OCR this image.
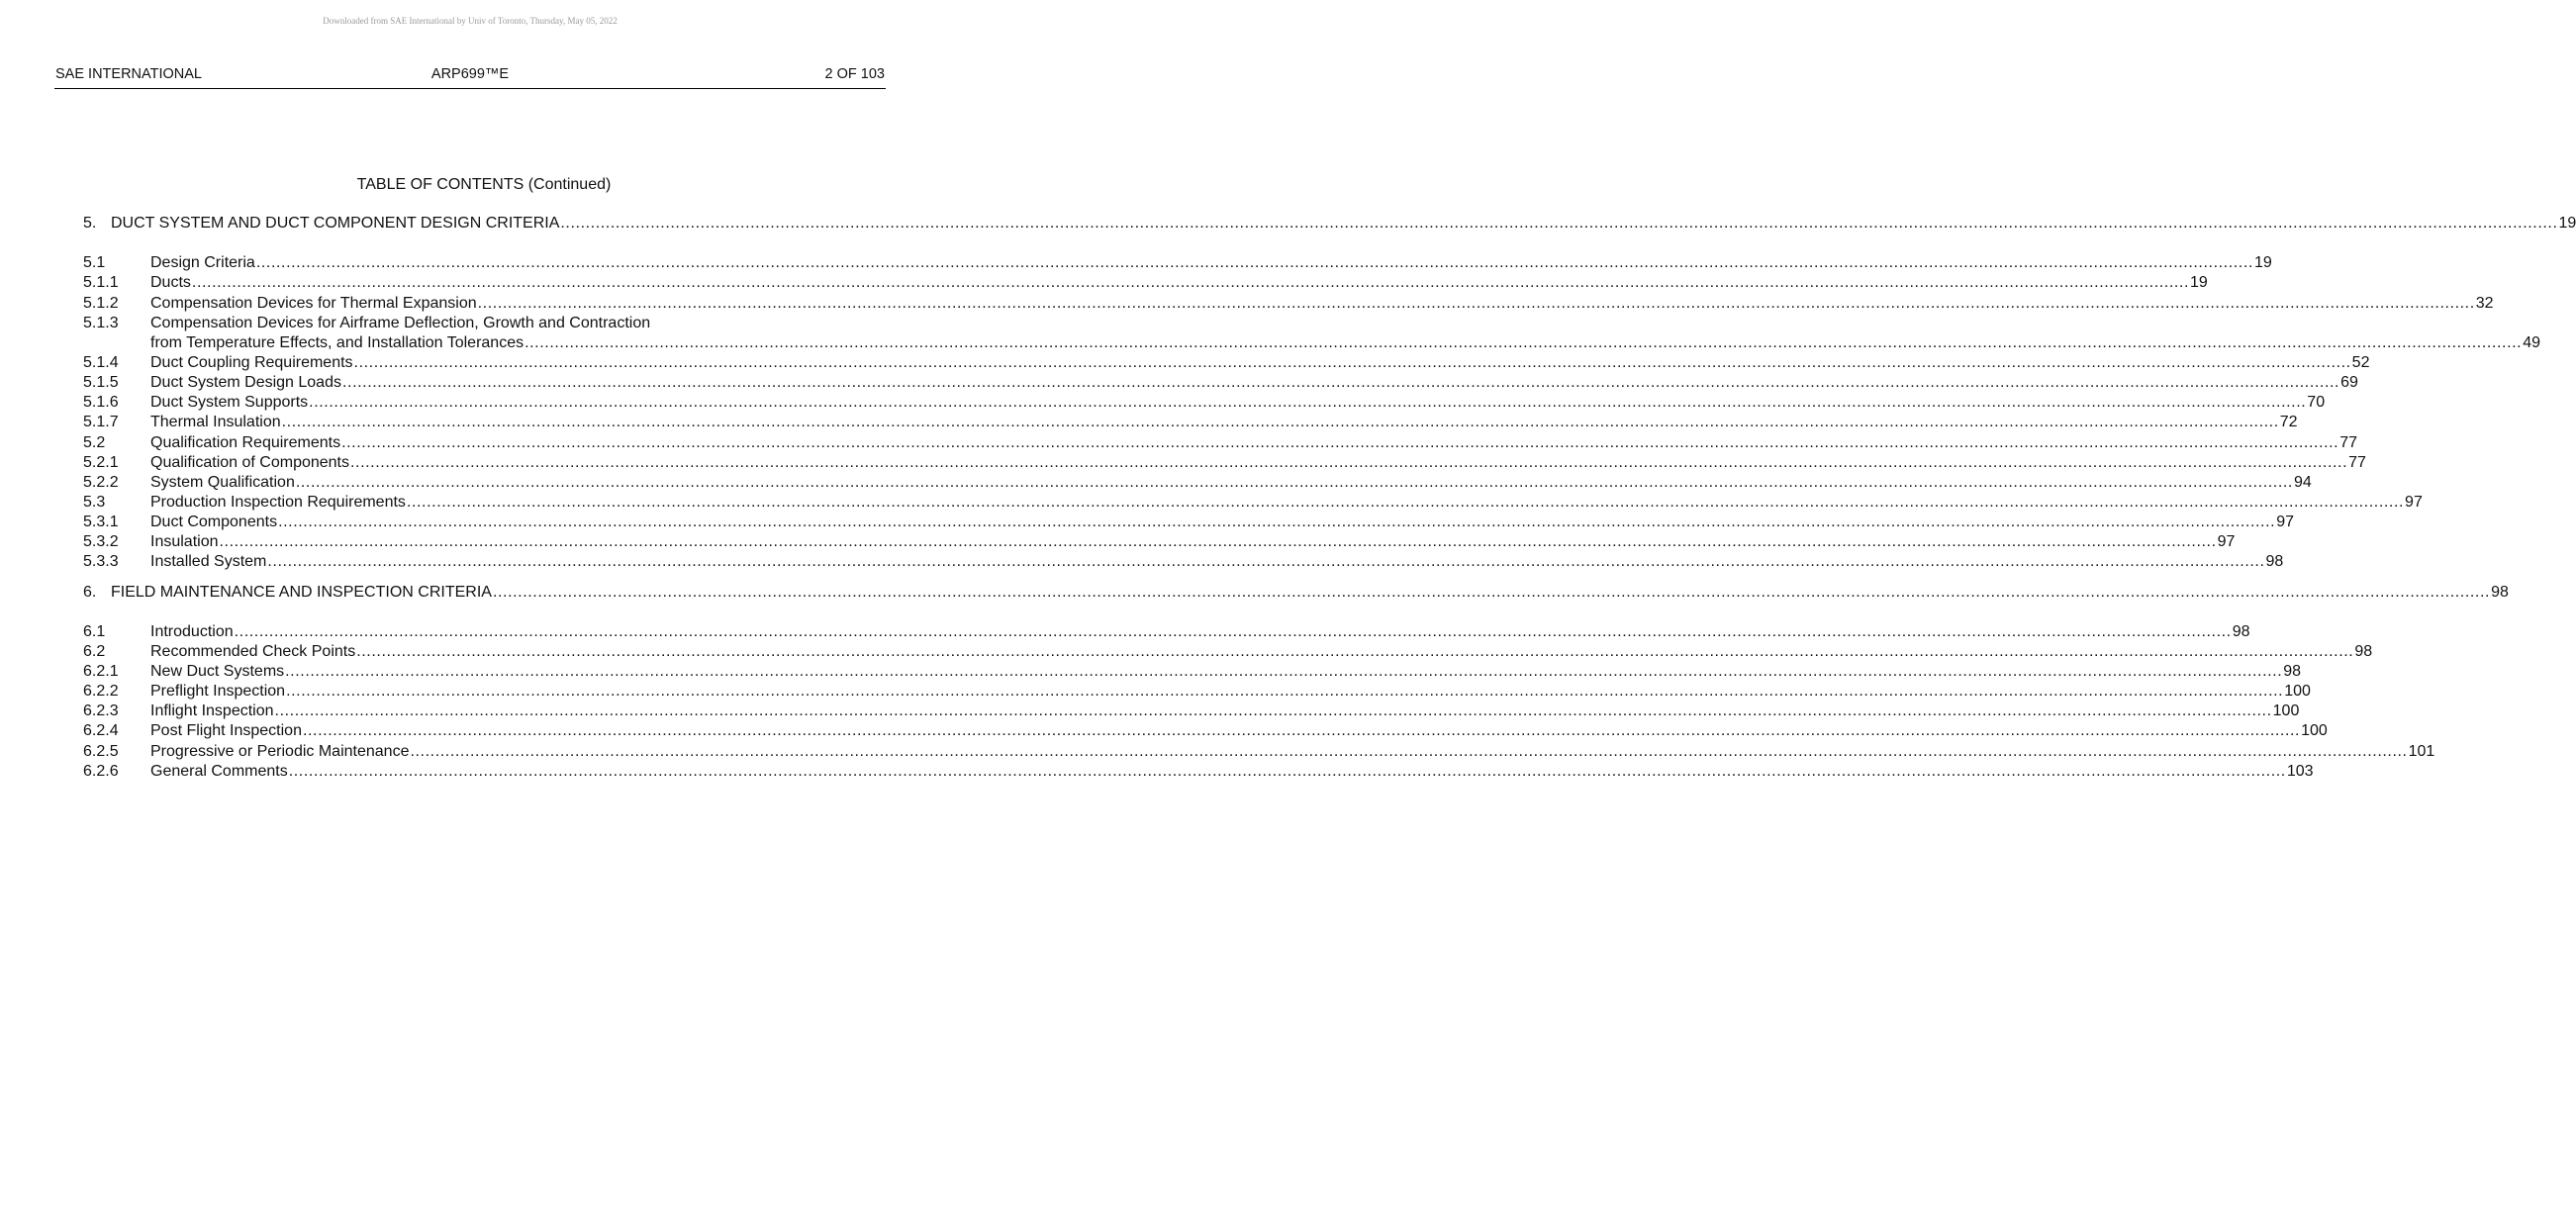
Downloaded from SAE International by Univ of Toronto, Thursday, May 05, 2022
SAE INTERNATIONAL	ARP699™E	2 OF 103
TABLE OF CONTENTS (Continued)
5. DUCT SYSTEM AND DUCT COMPONENT DESIGN CRITERIA ................................................................................................................................................................................................................................................................................................................................................................................................................ 19
5.1	Design Criteria ................................................................................................................................................................................................................................................................................................................................................................................................................ 19
5.1.1	Ducts ................................................................................................................................................................................................................................................................................................................................................................................................................ 19
5.1.2	Compensation Devices for Thermal Expansion ................................................................................................................................................................................................................................................................................................................................................................................................................ 32
5.1.3	Compensation Devices for Airframe Deflection, Growth and Contraction
from Temperature Effects, and Installation Tolerances ................................................................................................................................................................................................................................................................................................................................................................................................................ 49
5.1.4	Duct Coupling Requirements ................................................................................................................................................................................................................................................................................................................................................................................................................ 52
5.1.5	Duct System Design Loads ................................................................................................................................................................................................................................................................................................................................................................................................................ 69
5.1.6	Duct System Supports ................................................................................................................................................................................................................................................................................................................................................................................................................ 70
5.1.7	Thermal Insulation ................................................................................................................................................................................................................................................................................................................................................................................................................ 72
5.2	Qualification Requirements ................................................................................................................................................................................................................................................................................................................................................................................................................ 77
5.2.1	Qualification of Components ................................................................................................................................................................................................................................................................................................................................................................................................................ 77
5.2.2	System Qualification ................................................................................................................................................................................................................................................................................................................................................................................................................ 94
5.3	Production Inspection Requirements ................................................................................................................................................................................................................................................................................................................................................................................................................ 97
5.3.1	Duct Components ................................................................................................................................................................................................................................................................................................................................................................................................................ 97
5.3.2	Insulation ................................................................................................................................................................................................................................................................................................................................................................................................................ 97
5.3.3	Installed System ................................................................................................................................................................................................................................................................................................................................................................................................................ 98
6. FIELD MAINTENANCE AND INSPECTION CRITERIA ................................................................................................................................................................................................................................................................................................................................................................................................................ 98
6.1	Introduction ................................................................................................................................................................................................................................................................................................................................................................................................................ 98
6.2	Recommended Check Points ................................................................................................................................................................................................................................................................................................................................................................................................................ 98
6.2.1	New Duct Systems ................................................................................................................................................................................................................................................................................................................................................................................................................ 98
6.2.2	Preflight Inspection ................................................................................................................................................................................................................................................................................................................................................................................................................ 100
6.2.3	Inflight Inspection ................................................................................................................................................................................................................................................................................................................................................................................................................ 100
6.2.4	Post Flight Inspection ................................................................................................................................................................................................................................................................................................................................................................................................................ 100
6.2.5	Progressive or Periodic Maintenance ................................................................................................................................................................................................................................................................................................................................................................................................................ 101
6.2.6	General Comments ................................................................................................................................................................................................................................................................................................................................................................................................................ 103
